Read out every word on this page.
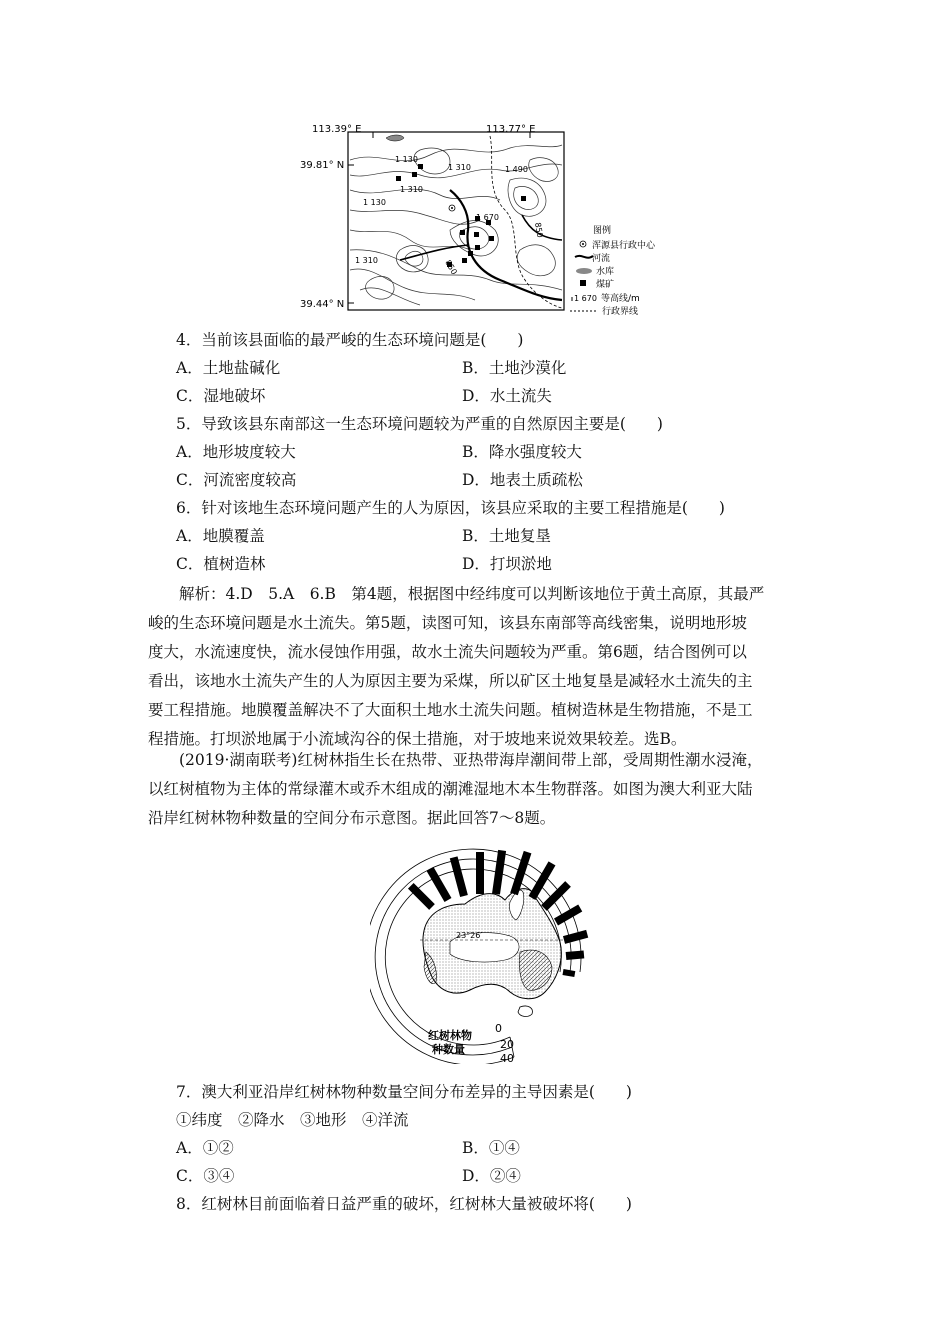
113.39° E	113.77° E
39.81° N
39.44° N
1 130
1 310
1 130
1 310
1 490
1 670
850
850
1 310
图例
浑源县行政中心
河流
水库
煤矿
1 670 等高线/m
行政界线
4．当前该县面临的最严峻的生态环境问题是(　　)
A．土地盐碱化	B．土地沙漠化
C．湿地破坏	D．水土流失
5．导致该县东南部这一生态环境问题较为严重的自然原因主要是(　　)
A．地形坡度较大	B．降水强度较大
C．河流密度较高	D．地表土质疏松
6．针对该地生态环境问题产生的人为原因，该县应采取的主要工程措施是(　　)
A．地膜覆盖	B．土地复垦
C．植树造林	D．打坝淤地
　　解析：4.D　5.A　6.B　第4题，根据图中经纬度可以判断该地位于黄土高原，其最严
峻的生态环境问题是水土流失。第5题，读图可知，该县东南部等高线密集，说明地形坡
度大，水流速度快，流水侵蚀作用强，故水土流失问题较为严重。第6题，结合图例可以
看出，该地水土流失产生的人为原因主要为采煤，所以矿区土地复垦是减轻水土流失的主
要工程措施。地膜覆盖解决不了大面积土地水土流失问题。植树造林是生物措施，不是工
程措施。打坝淤地属于小流域沟谷的保土措施，对于坡地来说效果较差。选B。
　　(2019·湖南联考)红树林指生长在热带、亚热带海岸潮间带上部，受周期性潮水浸淹，
以红树植物为主体的常绿灌木或乔木组成的潮滩湿地木本生物群落。如图为澳大利亚大陆
沿岸红树林物种数量的空间分布示意图。据此回答7～8题。
23°26′
0
20
40
红树林物
种数量
7．澳大利亚沿岸红树林物种数量空间分布差异的主导因素是(　　)
①纬度　②降水　③地形　④洋流
A．①②	B．①④
C．③④	D．②④
8．红树林目前面临着日益严重的破坏，红树林大量被破坏将(　　)
